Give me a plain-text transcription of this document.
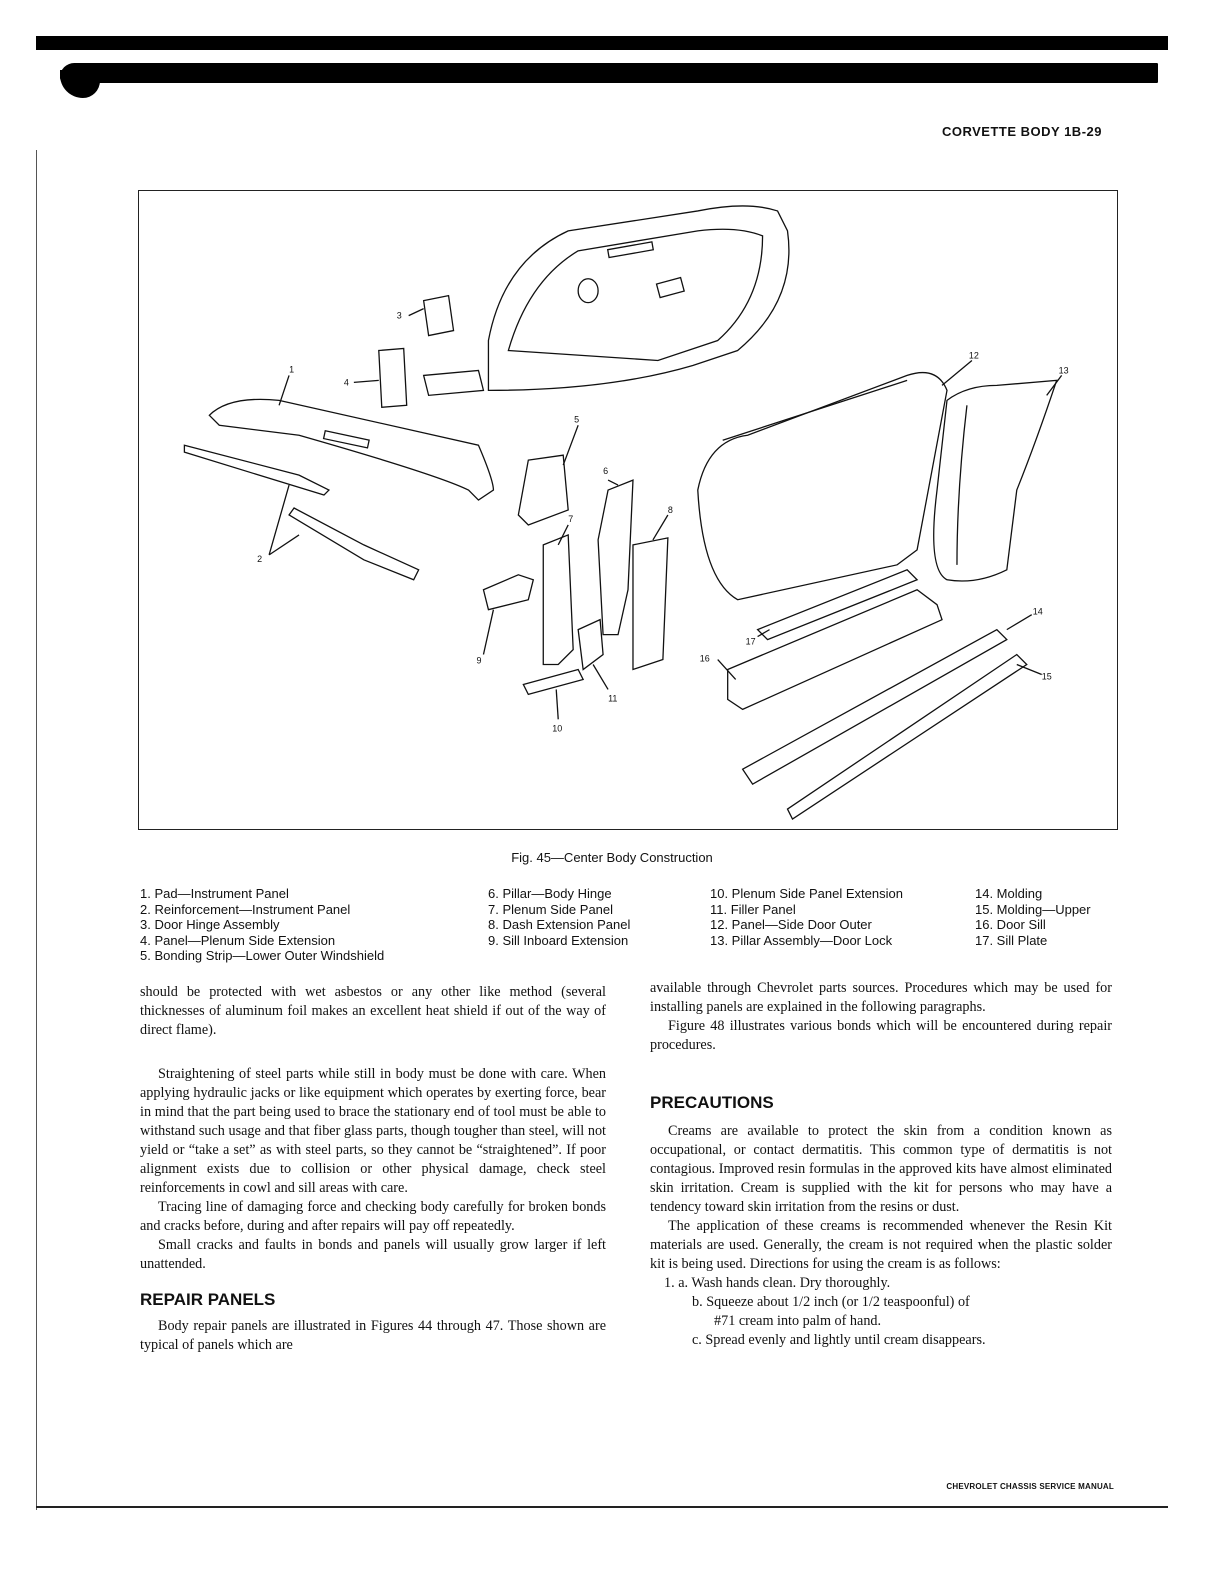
CORVETTE BODY 1B-29
1
2
3
4
5
6
7
8
9
10
11
12
13
14
15
16
17
Fig. 45—Center Body Construction
1. Pad—Instrument Panel
2. Reinforcement—Instrument Panel
3. Door Hinge Assembly
4. Panel—Plenum Side Extension
5. Bonding Strip—Lower Outer Windshield
6. Pillar—Body Hinge
7. Plenum Side Panel
8. Dash Extension Panel
9. Sill Inboard Extension
10. Plenum Side Panel Extension
11. Filler Panel
12. Panel—Side Door Outer
13. Pillar Assembly—Door Lock
14. Molding
15. Molding—Upper
16. Door Sill
17. Sill Plate

should be protected with wet asbestos or any other like method (several thicknesses of aluminum foil makes an excellent heat shield if out of the way of direct flame).

Straightening of steel parts while still in body must be done with care. When applying hydraulic jacks or like equipment which operates by exerting force, bear in mind that the part being used to brace the stationary end of tool must be able to withstand such usage and that fiber glass parts, though tougher than steel, will not yield or “take a set” as with steel parts, so they cannot be “straightened”. If poor alignment exists due to collision or other physical damage, check steel reinforcements in cowl and sill areas with care.

Tracing line of damaging force and checking body carefully for broken bonds and cracks before, during and after repairs will pay off repeatedly.

Small cracks and faults in bonds and panels will usually grow larger if left unattended.

REPAIR PANELS

Body repair panels are illustrated in Figures 44 through 47. Those shown are typical of panels which are

available through Chevrolet parts sources. Procedures which may be used for installing panels are explained in the following paragraphs.

Figure 48 illustrates various bonds which will be encountered during repair procedures.

PRECAUTIONS

Creams are available to protect the skin from a condition known as occupational, or contact dermatitis. This common type of dermatitis is not contagious. Improved resin formulas in the approved kits have almost eliminated skin irritation. Cream is supplied with the kit for persons who may have a tendency toward skin irritation from the resins or dust.

The application of these creams is recommended whenever the Resin Kit materials are used. Generally, the cream is not required when the plastic solder kit is being used. Directions for using the cream is as follows:

1. a. Wash hands clean. Dry thoroughly.
b. Squeeze about 1/2 inch (or 1/2 teaspoonful) of
#71 cream into palm of hand.
c. Spread evenly and lightly until cream disappears.
CHEVROLET CHASSIS SERVICE MANUAL
